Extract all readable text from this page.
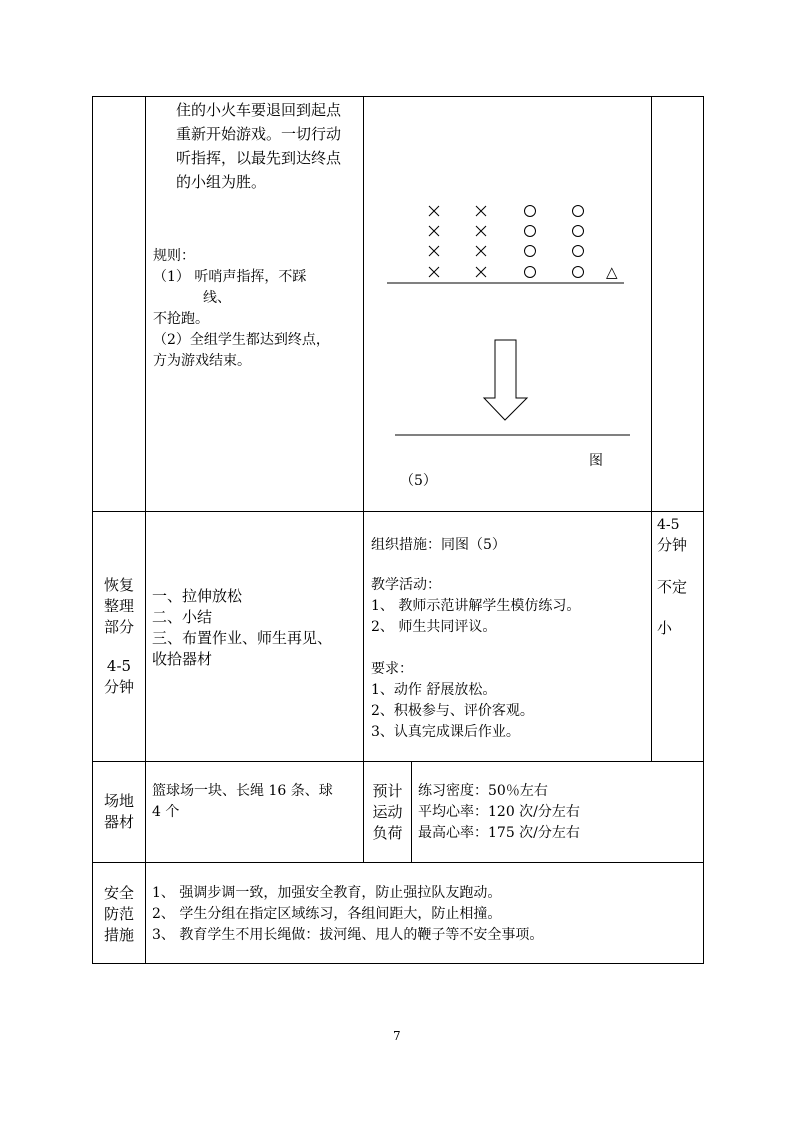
住的小火车要退回到起点
重新开始游戏。一切行动
听指挥，以最先到达终点
的小组为胜。
规则：
（1） 听哨声指挥，不踩
线、
不抢跑。
（2）全组学生都达到终点，
方为游戏结束。
△
图
（5）
恢复
整理
部分
4-5
分钟
一、拉伸放松
二、小结
三、布置作业、师生再见、
收拾器材
组织措施：同图（5）
教学活动：
1、 教师示范讲解学生模仿练习。
2、 师生共同评议。
要求：
1、动作 舒展放松。
2、积极参与、评价客观。
3、认真完成课后作业。
4-5
分钟
不定
小
场地
器材
篮球场一块、长绳 16 条、球
4 个
预计
运动
负荷
练习密度：50％左右
平均心率：120 次/分左右
最高心率：175 次/分左右
安全
防范
措施
1、 强调步调一致，加强安全教育，防止强拉队友跑动。
2、 学生分组在指定区域练习，各组间距大，防止相撞。
3、 教育学生不用长绳做：拔河绳、甩人的鞭子等不安全事项。
7
